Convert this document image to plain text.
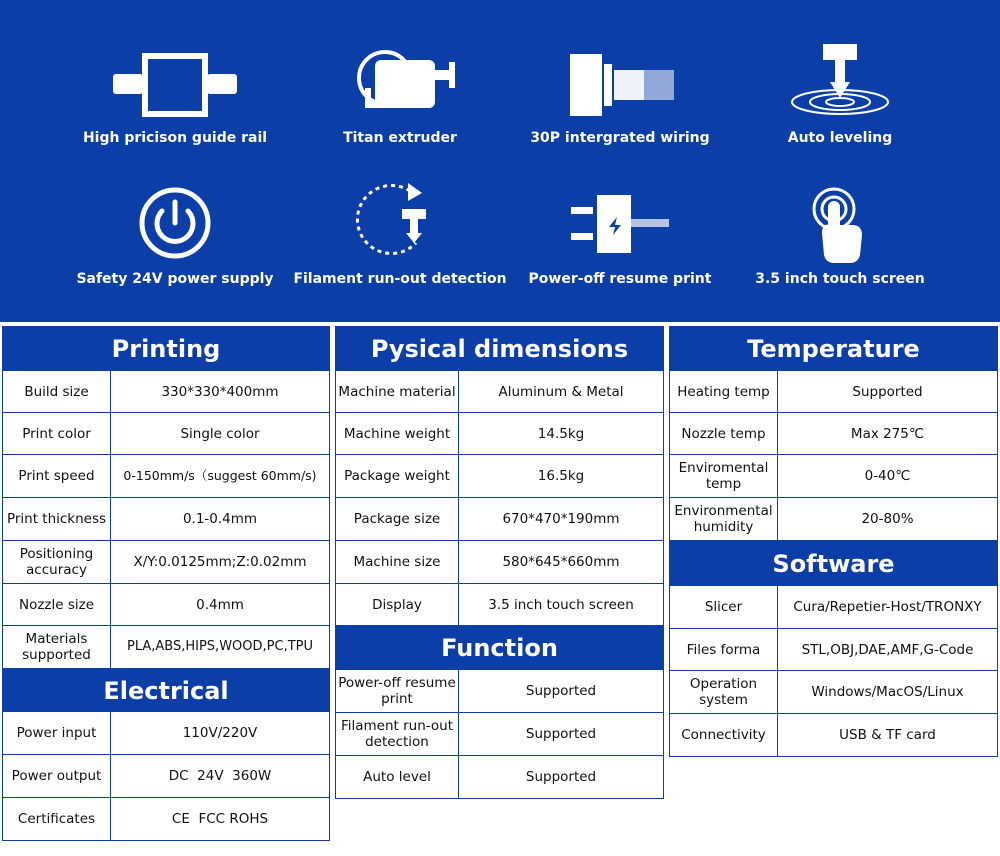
High pricison guide rail	Titan extruder	30P intergrated wiring	Auto leveling
Safety 24V power supply	Filament run-out detection	Power-off resume print	3.5 inch touch screen
Printing
Build size	330*330*400mm
Print color	Single color
Print speed	0-150mm/s（suggest 60mm/s)
Print thickness	0.1-0.4mm
Positioning accuracy	X/Y:0.0125mm;Z:0.02mm
Nozzle size	0.4mm
Materials supported	PLA,ABS,HIPS,WOOD,PC,TPU
Electrical
Power input	110V/220V
Power output	DC  24V  360W
Certificates	CE  FCC ROHS
Pysical dimensions
Machine material	Aluminum & Metal
Machine weight	14.5kg
Package weight	16.5kg
Package size	670*470*190mm
Machine size	580*645*660mm
Display	3.5 inch touch screen
Function
Power-off resume print	Supported
Filament run-out detection	Supported
Auto level	Supported
Temperature
Heating temp	Supported
Nozzle temp	Max 275℃
Enviromental temp	0-40℃
Environmental humidity	20-80%
Software
Slicer	Cura/Repetier-Host/TRONXY
Files forma	STL,OBJ,DAE,AMF,G-Code
Operation system	Windows/MacOS/Linux
Connectivity	USB & TF card
